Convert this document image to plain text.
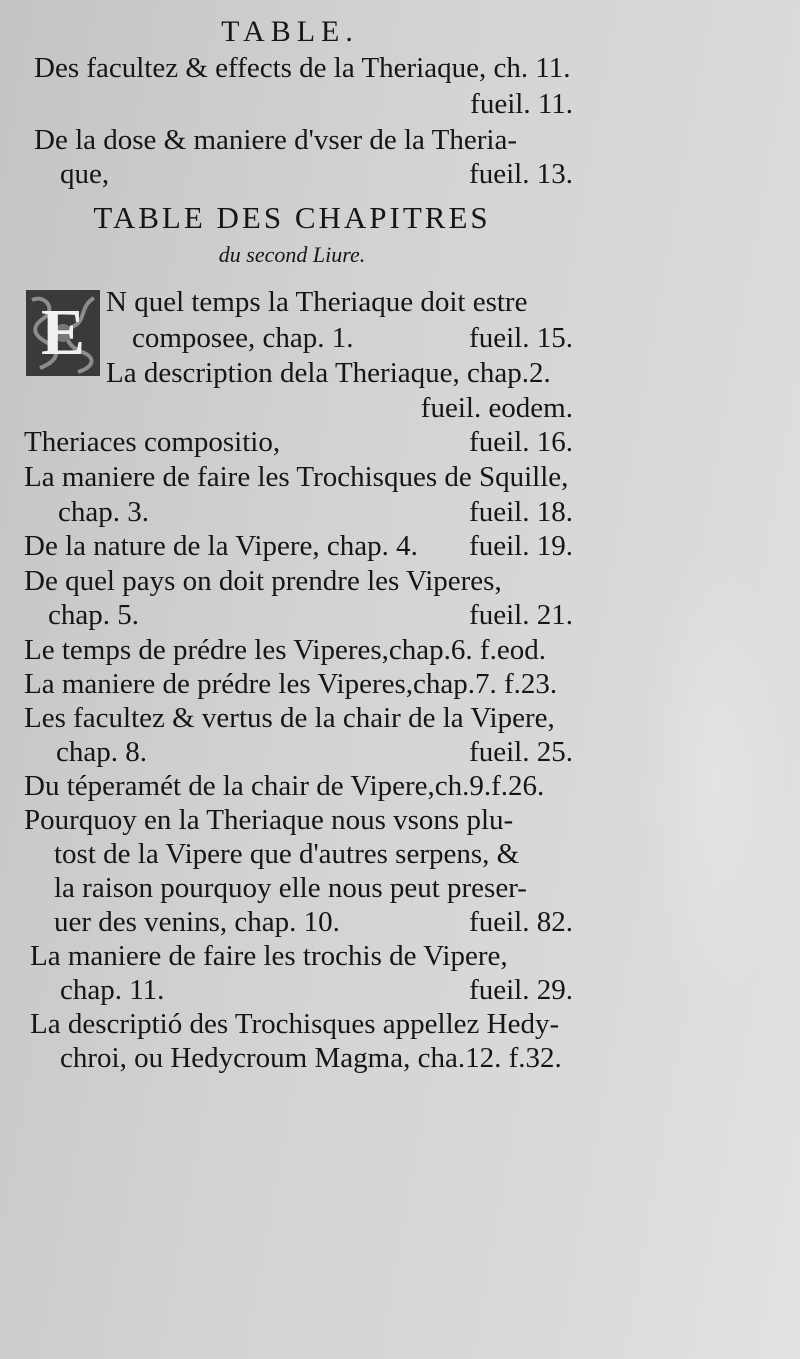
TABLE.
Des facultez & effects de la Theriaque, ch. 11.
fueil. 11.
De la dose & maniere d'vser de la Theria-
que,	fueil. 13.
TABLE DES CHAPITRES
du second Liure.
E N quel temps la Theriaque doit estre
composee, chap. 1.	fueil. 15.
La description dela Theriaque, chap.2.
fueil. eodem.
Theriaces compositio,	fueil. 16.
La maniere de faire les Trochisques de Squille,
chap. 3.	fueil. 18.
De la nature de la Vipere, chap. 4. fueil. 19.
De quel pays on doit prendre les Viperes,
chap. 5.	fueil. 21.
Le temps de prédre les Viperes,chap.6. f.eod.
La maniere de prédre les Viperes,chap.7. f.23.
Les facultez & vertus de la chair de la Vipere,
chap. 8.	fueil. 25.
Du téperamét de la chair de Vipere,ch.9.f.26.
Pourquoy en la Theriaque nous vsons plu-
tost de la Vipere que d'autres serpens, &
la raison pourquoy elle nous peut preser-
uer des venins, chap. 10.	fueil. 82.
La maniere de faire les trochis de Vipere,
chap. 11.	fueil. 29.
La descriptió des Trochisques appellez Hedy-
chroi, ou Hedycroum Magma, cha.12. f.32.
